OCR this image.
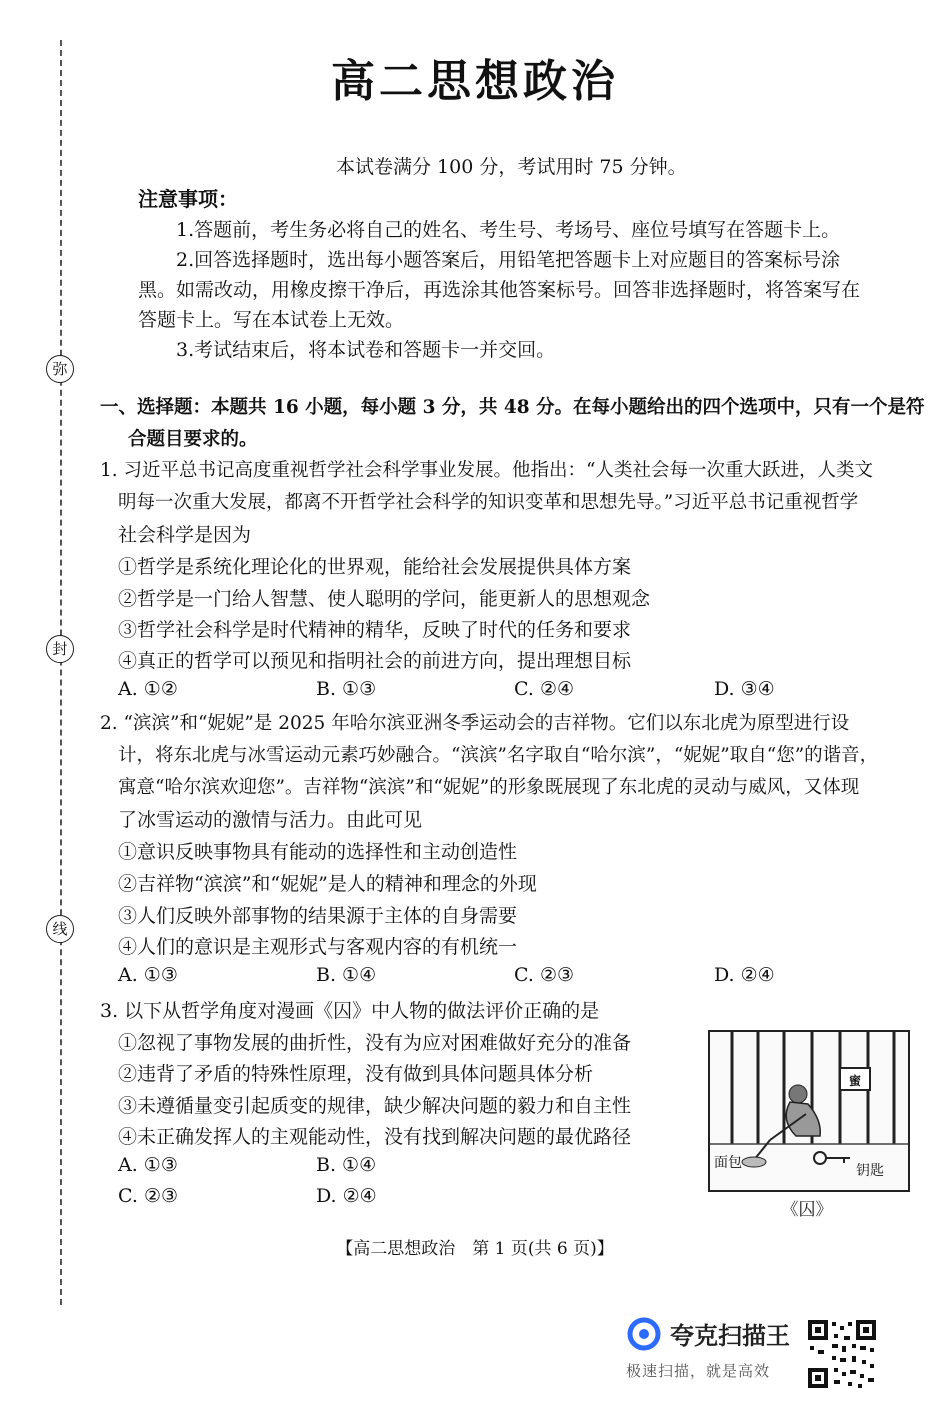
弥
封
线
高二思想政治
本试卷满分 100 分，考试用时 75 分钟。
注意事项：
1.答题前，考生务必将自己的姓名、考生号、考场号、座位号填写在答题卡上。
2.回答选择题时，选出每小题答案后，用铅笔把答题卡上对应题目的答案标号涂
黑。如需改动，用橡皮擦干净后，再选涂其他答案标号。回答非选择题时，将答案写在
答题卡上。写在本试卷上无效。
3.考试结束后，将本试卷和答题卡一并交回。
一、选择题：本题共 16 小题，每小题 3 分，共 48 分。在每小题给出的四个选项中，只有一个是符
合题目要求的。
1. 习近平总书记高度重视哲学社会科学事业发展。他指出：“人类社会每一次重大跃进，人类文
明每一次重大发展，都离不开哲学社会科学的知识变革和思想先导。”习近平总书记重视哲学
社会科学是因为
①哲学是系统化理论化的世界观，能给社会发展提供具体方案
②哲学是一门给人智慧、使人聪明的学问，能更新人的思想观念
③哲学社会科学是时代精神的精华，反映了时代的任务和要求
④真正的哲学可以预见和指明社会的前进方向，提出理想目标
A. ①②	B. ①③	C. ②④	D. ③④
2. “滨滨”和“妮妮”是 2025 年哈尔滨亚洲冬季运动会的吉祥物。它们以东北虎为原型进行设
计，将东北虎与冰雪运动元素巧妙融合。“滨滨”名字取自“哈尔滨”，“妮妮”取自“您”的谐音，
寓意“哈尔滨欢迎您”。吉祥物“滨滨”和“妮妮”的形象既展现了东北虎的灵动与威风，又体现
了冰雪运动的激情与活力。由此可见
①意识反映事物具有能动的选择性和主动创造性
②吉祥物“滨滨”和“妮妮”是人的精神和理念的外现
③人们反映外部事物的结果源于主体的自身需要
④人们的意识是主观形式与客观内容的有机统一
A. ①③	B. ①④	C. ②③	D. ②④
3. 以下从哲学角度对漫画《囚》中人物的做法评价正确的是
①忽视了事物发展的曲折性，没有为应对困难做好充分的准备
②违背了矛盾的特殊性原理，没有做到具体问题具体分析
③未遵循量变引起质变的规律，缺少解决问题的毅力和自主性
④未正确发挥人的主观能动性，没有找到解决问题的最优路径
A. ①③	B. ①④
C. ②③	D. ②④
蜜
面包	钥匙
《囚》
【高二思想政治　第 1 页(共 6 页)】
夸克扫描王
极速扫描，就是高效
